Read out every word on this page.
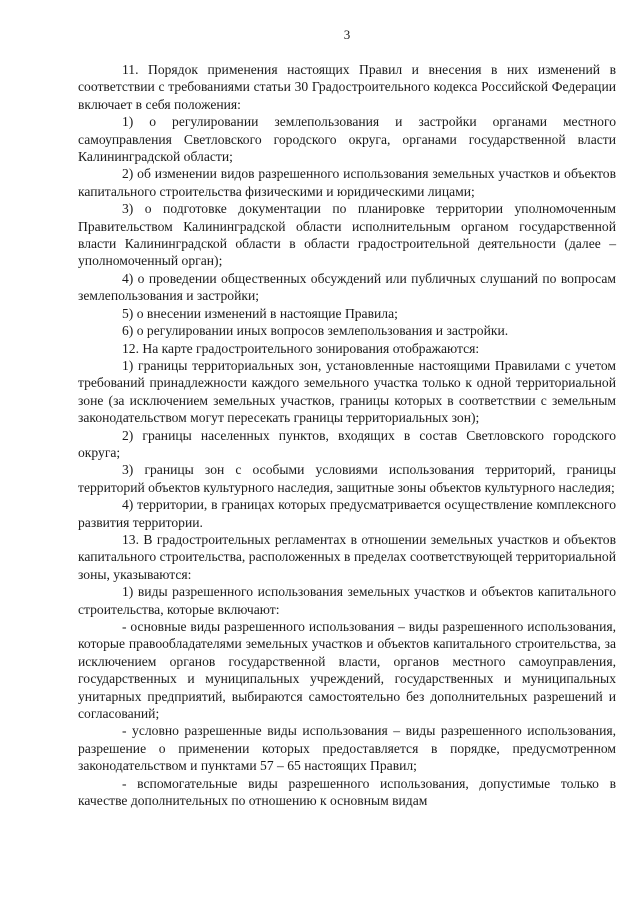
3

11. Порядок применения настоящих Правил и внесения в них изменений в соответствии с требованиями статьи 30 Градостроительного кодекса Российской Федерации включает в себя положения:

1) о регулировании землепользования и застройки органами местного самоуправления Светловского городского округа, органами государственной власти Калининградской области;

2) об изменении видов разрешенного использования земельных участков и объектов капитального строительства физическими и юридическими лицами;

3) о подготовке документации по планировке территории уполномоченным Правительством Калининградской области исполнительным органом государственной власти Калининградской области в области градостроительной деятельности (далее – уполномоченный орган);

4) о проведении общественных обсуждений или публичных слушаний по вопросам землепользования и застройки;

5) о внесении изменений в настоящие Правила;

6) о регулировании иных вопросов землепользования и застройки.

12. На карте градостроительного зонирования отображаются:

1) границы территориальных зон, установленные настоящими Правилами с учетом требований принадлежности каждого земельного участка только к одной территориальной зоне (за исключением земельных участков, границы которых в соответствии с земельным законодательством могут пересекать границы территориальных зон);

2) границы населенных пунктов, входящих в состав Светловского городского округа;

3) границы зон с особыми условиями использования территорий, границы территорий объектов культурного наследия, защитные зоны объектов культурного наследия;

4) территории, в границах которых предусматривается осуществление комплексного развития территории.

13. В градостроительных регламентах в отношении земельных участков и объектов капитального строительства, расположенных в пределах соответствующей территориальной зоны, указываются:

1) виды разрешенного использования земельных участков и объектов капитального строительства, которые включают:

- основные виды разрешенного использования – виды разрешенного использования, которые правообладателями земельных участков и объектов капитального строительства, за исключением органов государственной власти, органов местного самоуправления, государственных и муниципальных учреждений, государственных и муниципальных унитарных предприятий, выбираются самостоятельно без дополнительных разрешений и согласований;

- условно разрешенные виды использования – виды разрешенного использования, разрешение о применении которых предоставляется в порядке, предусмотренном законодательством и пунктами 57 – 65 настоящих Правил;

- вспомогательные виды разрешенного использования, допустимые только в качестве дополнительных по отношению к основным видам
